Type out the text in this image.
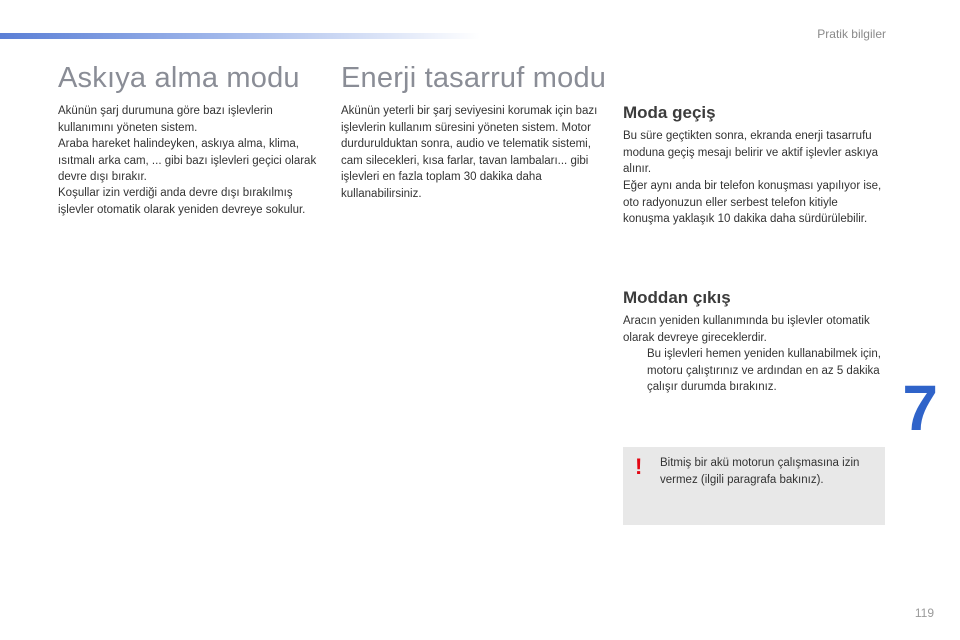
Pratik bilgiler
Askıya alma modu

Akünün şarj durumuna göre bazı işlevlerin kullanımını yöneten sistem.

Araba hareket halindeyken, askıya alma, klima, ısıtmalı arka cam, ... gibi bazı işlevleri geçici olarak devre dışı bırakır.

Koşullar izin verdiği anda devre dışı bırakılmış işlevler otomatik olarak yeniden devreye sokulur.

Enerji tasarruf modu

Akünün yeterli bir şarj seviyesini korumak için bazı işlevlerin kullanım süresini yöneten sistem. Motor durdurulduktan sonra, audio ve telematik sistemi, cam silecekleri, kısa farlar, tavan lambaları... gibi işlevleri en fazla toplam 30 dakika daha kullanabilirsiniz.

Moda geçiş

Bu süre geçtikten sonra, ekranda enerji tasarrufu moduna geçiş mesajı belirir ve aktif işlevler askıya alınır.

Eğer aynı anda bir telefon konuşması yapılıyor ise, oto radyonuzun eller serbest telefon kitiyle konuşma yaklaşık 10 dakika daha sürdürülebilir.

Moddan çıkış

Aracın yeniden kullanımında bu işlevler otomatik olarak devreye gireceklerdir.

Bu işlevleri hemen yeniden kullanabilmek için, motoru çalıştırınız ve ardından en az 5 dakika çalışır durumda bırakınız.
! Bitmiş bir akü motorun çalışmasına izin vermez (ilgili paragrafa bakınız).
7
119
